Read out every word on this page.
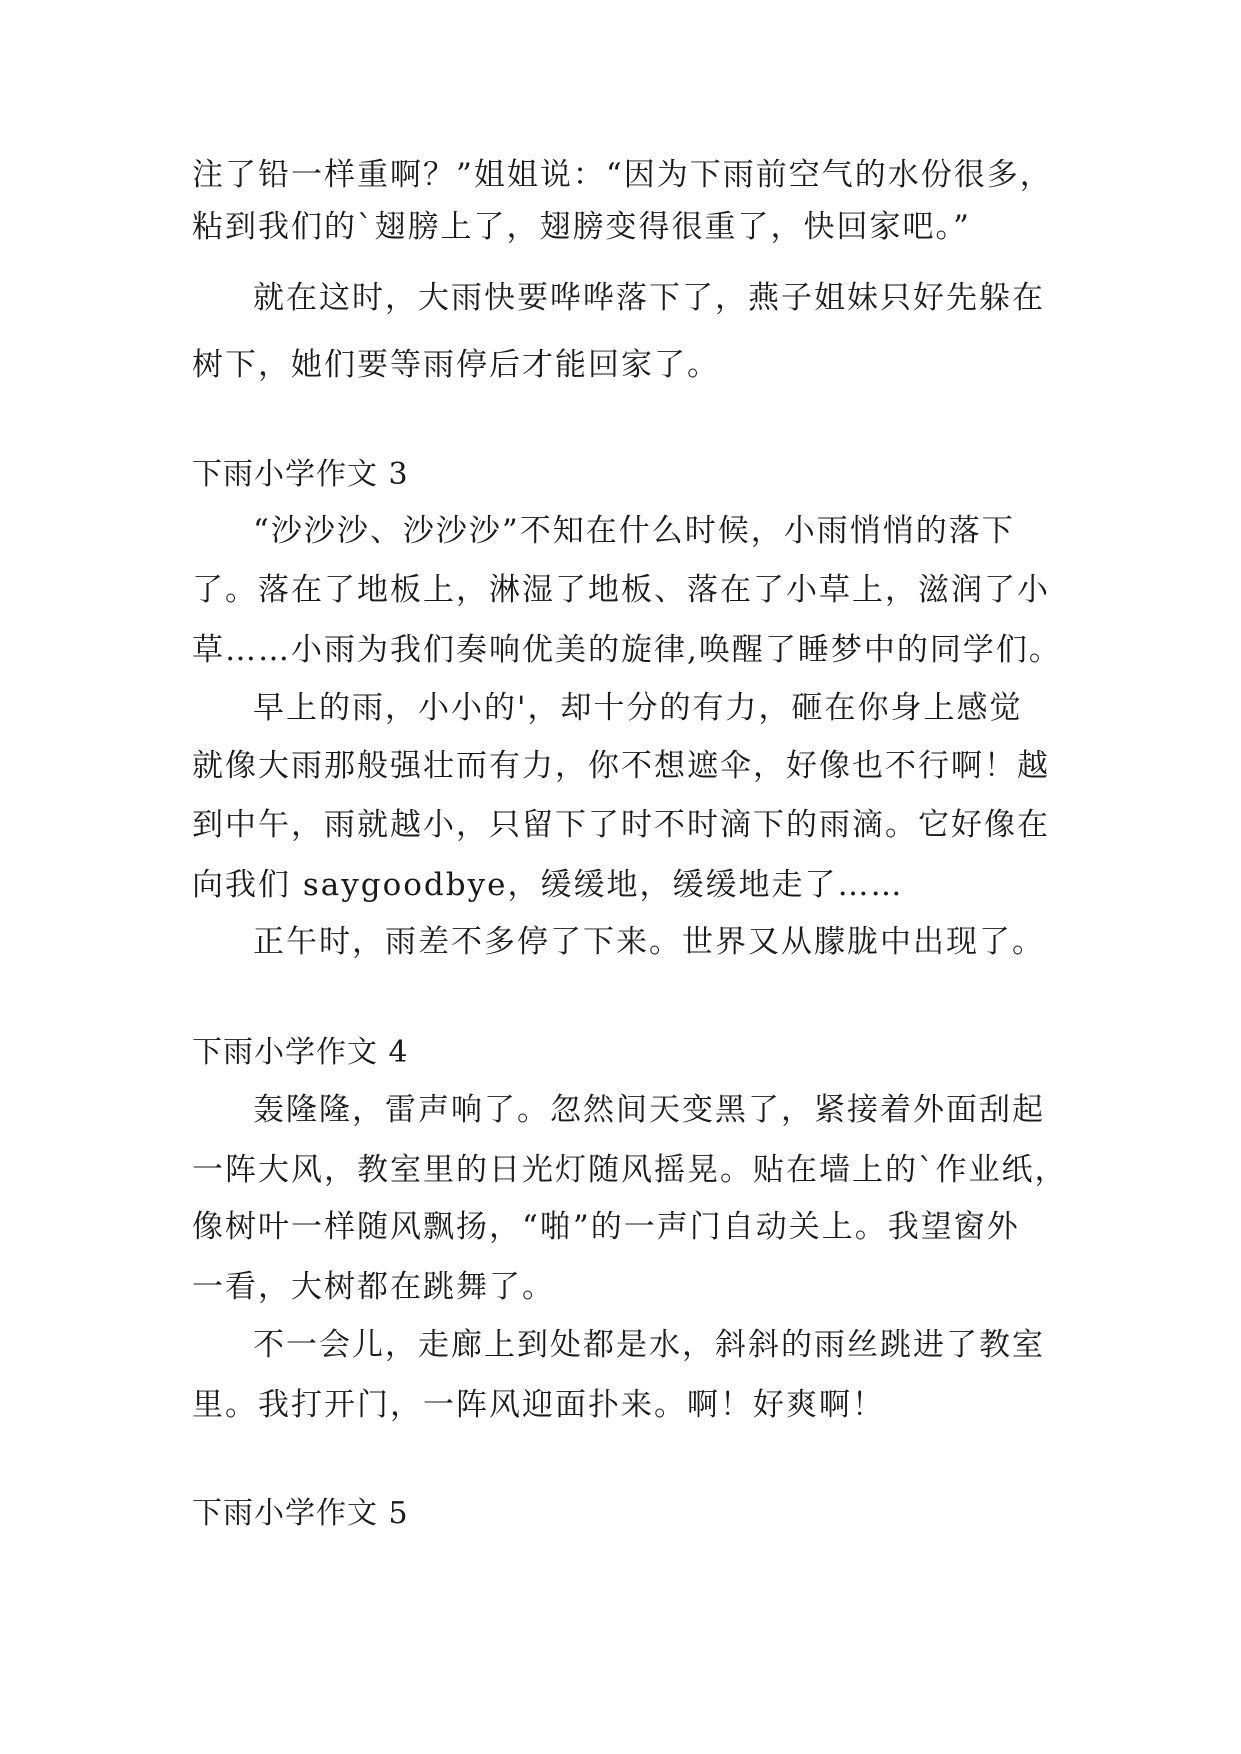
注了铅一样重啊？”姐姐说：“因为下雨前空气的水份很多，
粘到我们的`翅膀上了，翅膀变得很重了，快回家吧。”
就在这时，大雨快要哗哗落下了，燕子姐妹只好先躲在
树下，她们要等雨停后才能回家了。
下雨小学作文 3
“沙沙沙、沙沙沙”不知在什么时候，小雨悄悄的落下
了。落在了地板上，淋湿了地板、落在了小草上，滋润了小
草……小雨为我们奏响优美的旋律,唤醒了睡梦中的同学们。
早上的雨，小小的'，却十分的有力，砸在你身上感觉
就像大雨那般强壮而有力，你不想遮伞，好像也不行啊！越
到中午，雨就越小，只留下了时不时滴下的雨滴。它好像在
向我们 saygoodbye，缓缓地，缓缓地走了……
正午时，雨差不多停了下来。世界又从朦胧中出现了。
下雨小学作文 4
轰隆隆，雷声响了。忽然间天变黑了，紧接着外面刮起
一阵大风，教室里的日光灯随风摇晃。贴在墙上的`作业纸，
像树叶一样随风飘扬，“啪”的一声门自动关上。我望窗外
一看，大树都在跳舞了。
不一会儿，走廊上到处都是水，斜斜的雨丝跳进了教室
里。我打开门，一阵风迎面扑来。啊！好爽啊！
下雨小学作文 5
